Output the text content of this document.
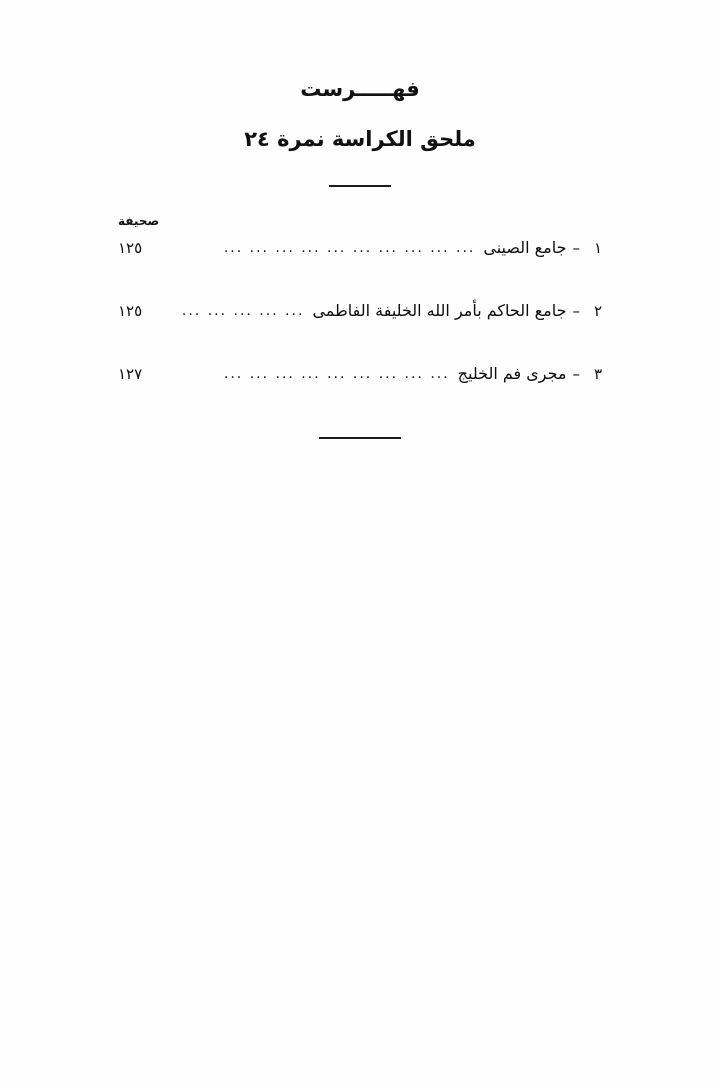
فهـــــرست
ملحق الكراسة نمرة ٢٤
صحيفة
١
–
جامع الصينى
... ... ... ... ... ... ... ... ... ...
١٢٥
٢
–
جامع الحاكم بأمر الله الخليفة الفاطمى
... ... ... ... ...
١٢٥
٣
–
مجرى فم الخليج
... ... ... ... ... ... ... ... ...
١٢٧
